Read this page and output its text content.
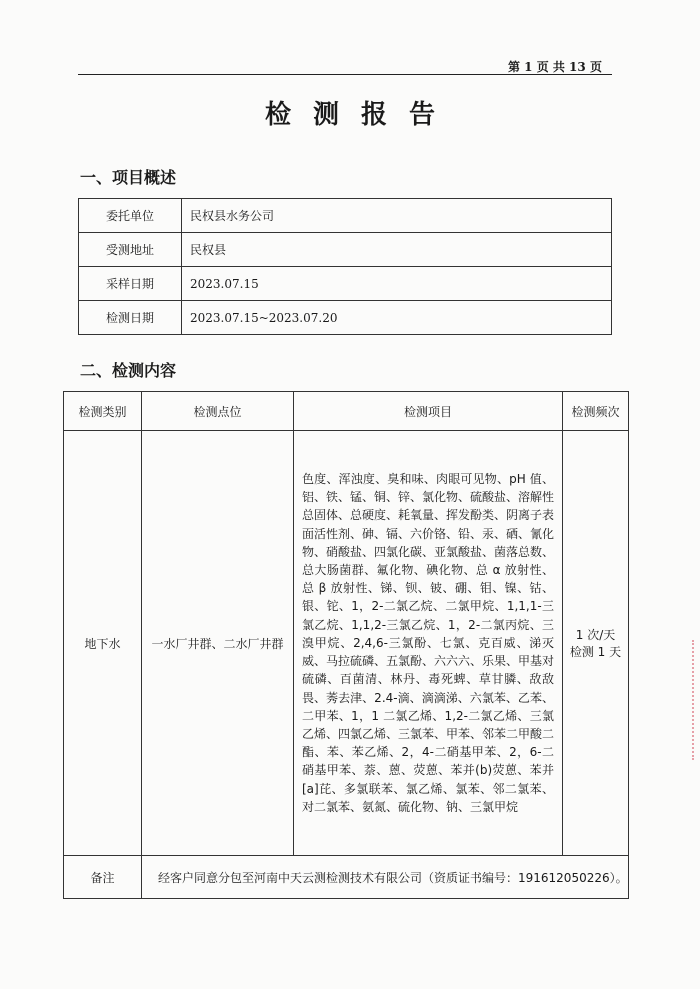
第 1 页 共 13 页
检测报告
一、项目概述
委托单位	民权县水务公司
受测地址	民权县
采样日期	2023.07.15
检测日期	2023.07.15~2023.07.20
二、检测内容
检测类别	检测点位	检测项目	检测频次
地下水	一水厂井群、二水厂井群	色度、浑浊度、臭和味、肉眼可见物、pH 值、铝、铁、锰、铜、锌、氯化物、硫酸盐、溶解性总固体、总硬度、耗氧量、挥发酚类、阴离子表面活性剂、砷、镉、六价铬、铅、汞、硒、氰化物、硝酸盐、四氯化碳、亚氯酸盐、菌落总数、总大肠菌群、氟化物、碘化物、总 α 放射性、总 β 放射性、锑、钡、铍、硼、钼、镍、钴、银、铊、1，2-二氯乙烷、二氯甲烷、1,1,1-三氯乙烷、1,1,2-三氯乙烷、1，2-二氯丙烷、三溴甲烷、2,4,6-三氯酚、七氯、克百威、涕灭威、马拉硫磷、五氯酚、六六六、乐果、甲基对硫磷、百菌清、林丹、毒死蜱、草甘膦、敌敌畏、莠去津、2.4-滴、滴滴涕、六氯苯、乙苯、二甲苯、1，1 二氯乙烯、1,2-二氯乙烯、三氯乙烯、四氯乙烯、三氯苯、甲苯、邻苯二甲酸二酯、苯、苯乙烯、2，4-二硝基甲苯、2，6-二硝基甲苯、萘、蒽、荧蒽、苯并(b)荧蒽、苯并[a]芘、多氯联苯、氯乙烯、氯苯、邻二氯苯、对二氯苯、氨氮、硫化物、钠、三氯甲烷	1 次/天
检测 1 天

备注	经客户同意分包至河南中天云测检测技术有限公司（资质证书编号：191612050226）。		
